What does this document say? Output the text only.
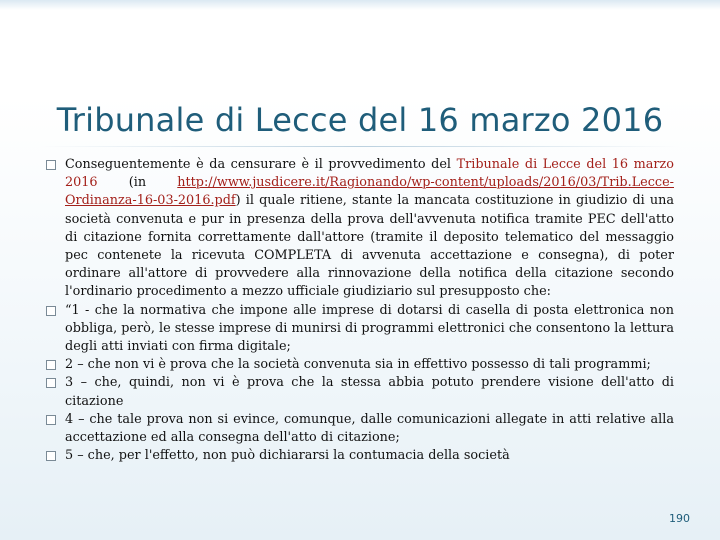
Tribunale di Lecce del 16 marzo 2016
Conseguentemente è da censurare è il provvedimento del Tribunale di Lecce del 16 marzo 2016 (in http://www.jusdicere.it/Ragionando/wp-content/uploads/2016/03/Trib.Lecce-Ordinanza-16-03-2016.pdf) il quale ritiene, stante la mancata costituzione in giudizio di una società convenuta e pur in presenza della prova dell'avvenuta notifica tramite PEC dell'atto di citazione fornita correttamente dall'attore (tramite il deposito telematico del messaggio pec contenete la ricevuta COMPLETA di avvenuta accettazione e consegna), di poter ordinare all'attore di provvedere alla rinnovazione della notifica della citazione secondo l'ordinario procedimento a mezzo ufficiale giudiziario sul presupposto che:
“1 - che la normativa che impone alle imprese di dotarsi di casella di posta elettronica non obbliga, però, le stesse imprese di munirsi di programmi elettronici che consentono la lettura degli atti inviati con firma digitale;
2 – che non vi è prova che la società convenuta sia in effettivo possesso di tali programmi;
3 – che, quindi, non vi è prova che la stessa abbia potuto prendere visione dell'atto di citazione
4 – che tale prova non si evince, comunque, dalle comunicazioni allegate in atti relative alla accettazione ed alla consegna dell'atto di citazione;
5 – che, per l'effetto, non può dichiararsi la contumacia della società
190
